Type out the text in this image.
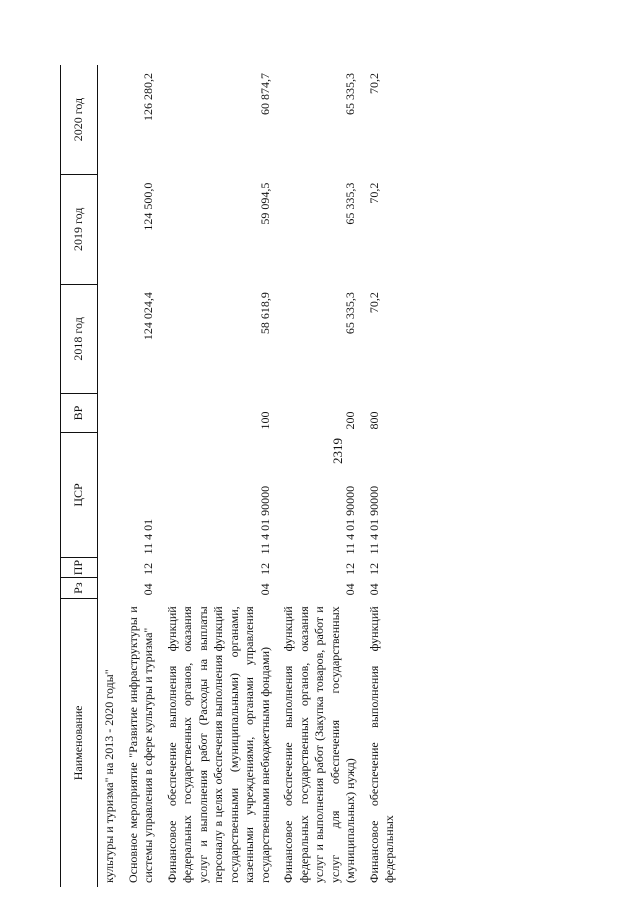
2319
Наименование	Рз	ПР	ЦСР	ВР	2018 год	2019 год	2020 год
культуры и туризма" на 2013 - 2020 годы"							
Основное мероприятие "Развитие инфраструктуры и системы управления в сфере культуры и туризма"	04	12	11 4 01		124 024,4	124 500,0	126 280,2
Финансовое обеспечение выполнения функций федеральных государственных органов, оказания услуг и выполнения работ (Расходы на выплаты персоналу в целях обеспечения выполнения функций государственными (муниципальными) органами, казенными учреждениями, органами управления государственными внебюджетными фондами)	04	12	11 4 01 90000	100	58 618,9	59 094,5	60 874,7
Финансовое обеспечение выполнения функций федеральных государственных органов, оказания услуг и выполнения работ (Закупка товаров, работ и услуг для обеспечения государственных (муниципальных) нужд)	04	12	11 4 01 90000	200	65 335,3	65 335,3	65 335,3
Финансовое обеспечение выполнения функций федеральных	04	12	11 4 01 90000	800	70,2	70,2	70,2
